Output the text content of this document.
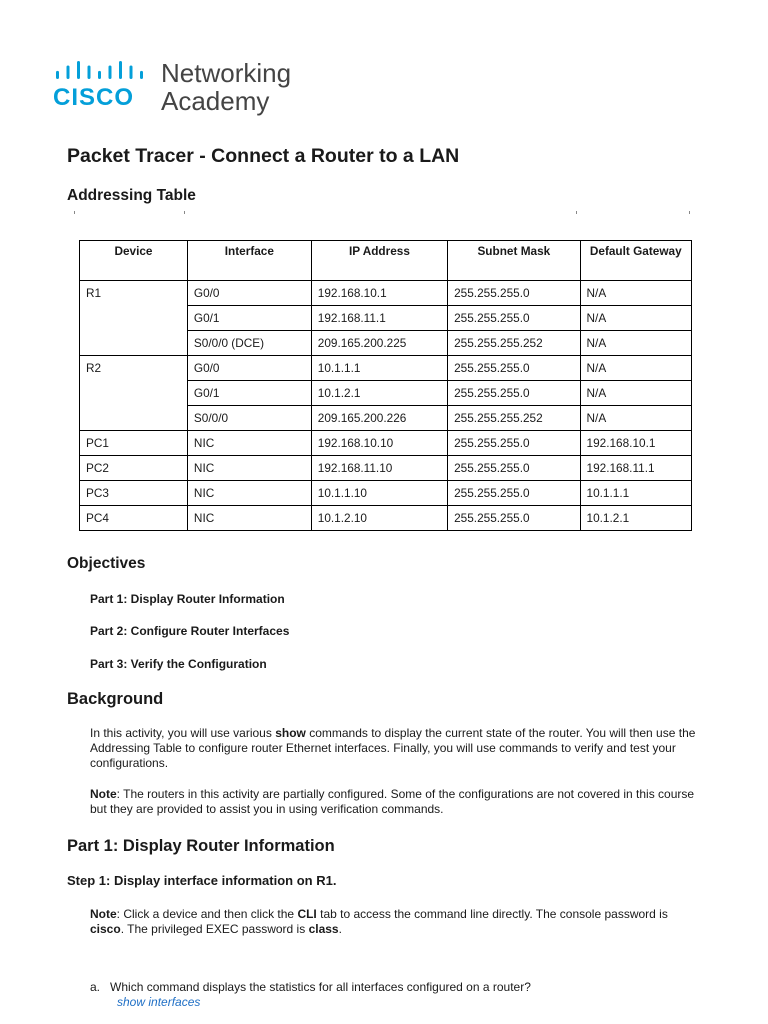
CISCO
Networking
Academy
Packet Tracer - Connect a Router to a LAN
Addressing Table
Device	Interface	IP Address	Subnet Mask	Default Gateway
R1	G0/0	192.168.10.1	255.255.255.0	N/A
	G0/1	192.168.11.1	255.255.255.0	N/A
	S0/0/0 (DCE)	209.165.200.225	255.255.255.252	N/A
R2	G0/0	10.1.1.1	255.255.255.0	N/A
	G0/1	10.1.2.1	255.255.255.0	N/A
	S0/0/0	209.165.200.226	255.255.255.252	N/A
PC1	NIC	192.168.10.10	255.255.255.0	192.168.10.1
PC2	NIC	192.168.11.10	255.255.255.0	192.168.11.1
PC3	NIC	10.1.1.10	255.255.255.0	10.1.1.1
PC4	NIC	10.1.2.10	255.255.255.0	10.1.2.1
Objectives
Part 1: Display Router Information
Part 2: Configure Router Interfaces
Part 3: Verify the Configuration
Background
In this activity, you will use various show commands to display the current state of the router. You will then use the Addressing Table to configure router Ethernet interfaces. Finally, you will use commands to verify and test your configurations.
Note: The routers in this activity are partially configured. Some of the configurations are not covered in this course but they are provided to assist you in using verification commands.
Part 1: Display Router Information
Step 1: Display interface information on R1.
Note: Click a device and then click the CLI tab to access the command line directly. The console password is cisco. The privileged EXEC password is class.
a. Which command displays the statistics for all interfaces configured on a router?
show interfaces
